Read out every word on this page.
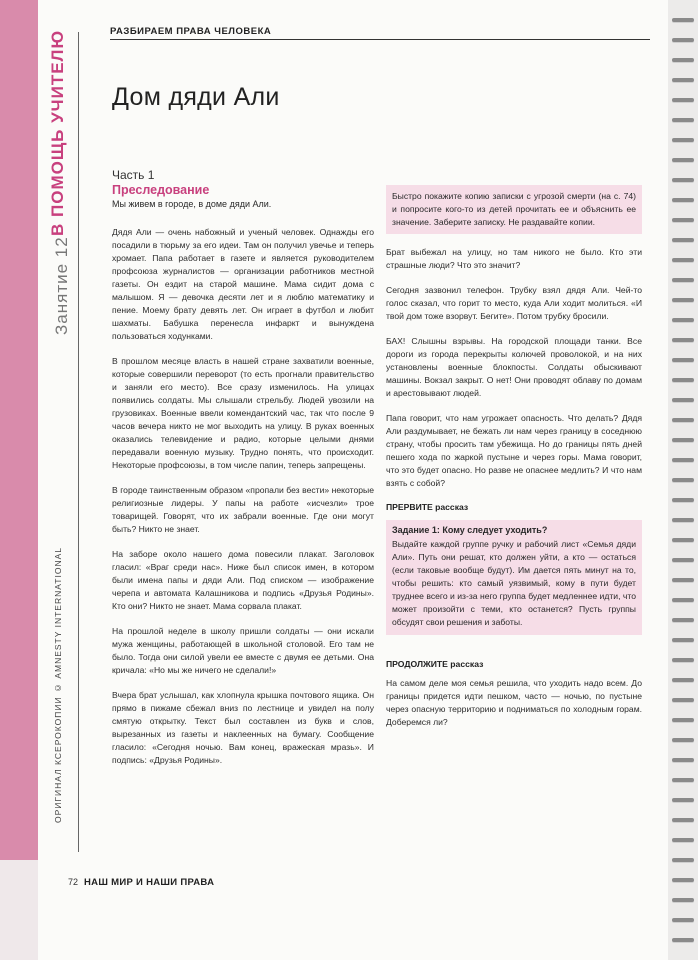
Занятие 12
В ПОМОЩЬ УЧИТЕЛЮ
ОРИГИНАЛ КСЕРОКОПИИ © AMNESTY INTERNATIONAL
РАЗБИРАЕМ ПРАВА ЧЕЛОВЕКА
Дом дяди Али
Часть 1
Преследование
Мы живем в городе, в доме дяди Али.

Дядя Али — очень набожный и ученый человек. Однажды его посадили в тюрьму за его идеи. Там он получил увечье и теперь хромает. Папа работает в газете и является руководителем профсоюза журналистов — организации работников местной газеты. Он ездит на старой машине. Мама сидит дома с малышом. Я — девочка десяти лет и я люблю математику и пение. Моему брату девять лет. Он играет в футбол и любит шахматы. Бабушка перенесла инфаркт и вынуждена пользоваться ходунками.

В прошлом месяце власть в нашей стране захватили военные, которые совершили переворот (то есть прогнали правительство и заняли его место). Все сразу изменилось. На улицах появились солдаты. Мы слышали стрельбу. Людей увозили на грузовиках. Военные ввели комендантский час, так что после 9 часов вечера никто не мог выходить на улицу. В руках военных оказались телевидение и радио, которые целыми днями передавали военную музыку. Трудно понять, что происходит. Некоторые профсоюзы, в том числе папин, теперь запрещены.

В городе таинственным образом «пропали без вести» некоторые религиозные лидеры. У папы на работе «исчезли» трое товарищей. Говорят, что их забрали военные. Где они могут быть? Никто не знает.

На заборе около нашего дома повесили плакат. Заголовок гласил: «Враг среди нас». Ниже был список имен, в котором были имена папы и дяди Али. Под списком — изображение черепа и автомата Калашникова и подпись «Друзья Родины». Кто они? Никто не знает. Мама сорвала плакат.

На прошлой неделе в школу пришли солдаты — они искали мужа женщины, работающей в школьной столовой. Его там не было. Тогда они силой увели ее вместе с двумя ее детьми. Она кричала: «Но мы же ничего не сделали!»

Вчера брат услышал, как хлопнула крышка почтового ящика. Он прямо в пижаме сбежал вниз по лестнице и увидел на полу смятую открытку. Текст был составлен из букв и слов, вырезанных из газеты и наклеенных на бумагу. Сообщение гласило: «Сегодня ночью. Вам конец, вражеская мразь». И подпись: «Друзья Родины».

Быстро покажите копию записки с угрозой смерти (на с. 74) и попросите кого-то из детей прочитать ее и объяснить ее значение. Заберите записку. Не раздавайте копии.

Брат выбежал на улицу, но там никого не было. Кто эти страшные люди? Что это значит?

Сегодня зазвонил телефон. Трубку взял дядя Али. Чей-то голос сказал, что горит то место, куда Али ходит молиться. «И твой дом тоже взорвут. Бегите». Потом трубку бросили.

БАХ! Слышны взрывы. На городской площади танки. Все дороги из города перекрыты колючей проволокой, и на них установлены военные блокпосты. Солдаты обыскивают машины. Вокзал закрыт. О нет! Они проводят облаву по домам и арестовывают людей.

Папа говорит, что нам угрожает опасность. Что делать? Дядя Али раздумывает, не бежать ли нам через границу в соседнюю страну, чтобы просить там убежища. Но до границы пять дней пешего хода по жаркой пустыне и через горы. Мама говорит, что это будет опасно. Но разве не опаснее медлить? И что нам взять с собой?

ПРЕРВИТЕ рассказ
Задание 1: Кому следует уходить?
Выдайте каждой группе ручку и рабочий лист «Семья дяди Али». Путь они решат, кто должен уйти, а кто — остаться (если таковые вообще будут). Им дается пять минут на то, чтобы решить: кто самый уязвимый, кому в пути будет труднее всего и из-за него группа будет медленнее идти, что может произойти с теми, кто останется? Пусть группы обсудят свои решения и заботы.
ПРОДОЛЖИТЕ рассказ

На самом деле моя семья решила, что уходить надо всем. До границы придется идти пешком, часто — ночью, по пустыне через опасную территорию и подниматься по холодным горам. Доберемся ли?

72 НАШ МИР И НАШИ ПРАВА
